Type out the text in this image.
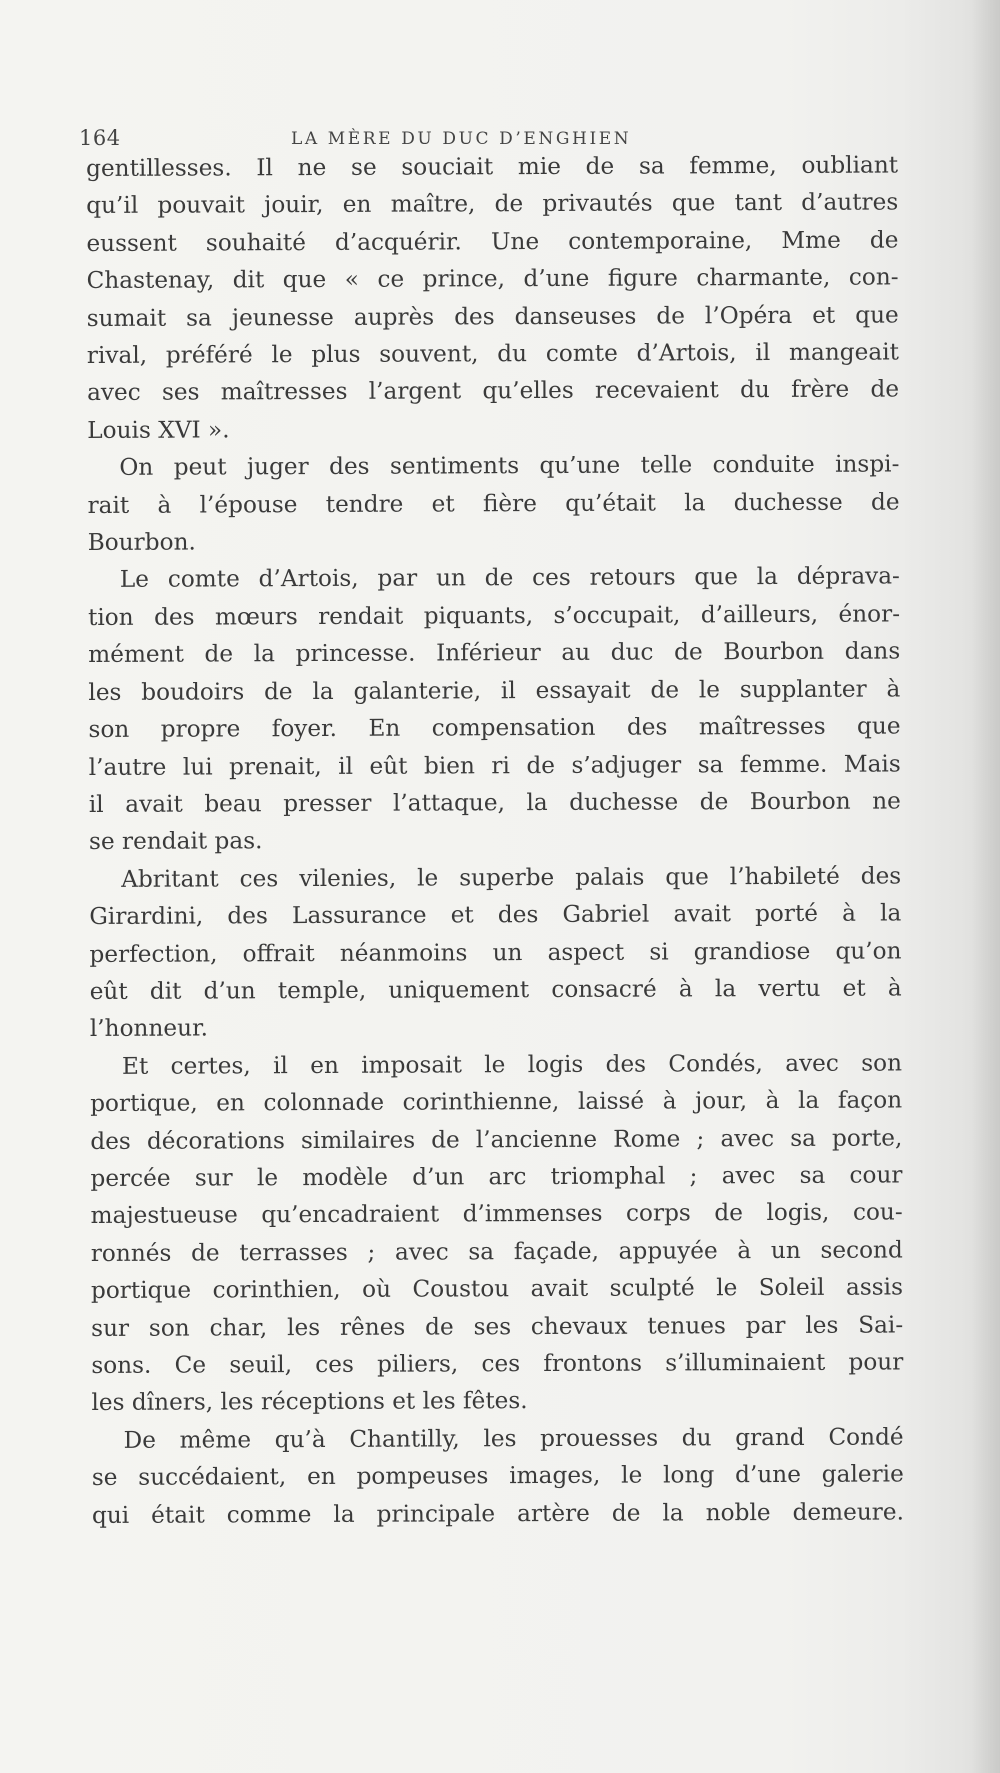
164	LA MÈRE DU DUC D’ENGHIEN
gentillesses. Il ne se souciait mie de sa femme, oubliant
qu’il pouvait jouir, en maître, de privautés que tant d’autres
eussent souhaité d’acquérir. Une contemporaine, Mme de
Chastenay, dit que « ce prince, d’une figure charmante, con-
sumait sa jeunesse auprès des danseuses de l’Opéra et que
rival, préféré le plus souvent, du comte d’Artois, il mangeait
avec ses maîtresses l’argent qu’elles recevaient du frère de
Louis XVI ».
On peut juger des sentiments qu’une telle conduite inspi-
rait à l’épouse tendre et fière qu’était la duchesse de
Bourbon.
Le comte d’Artois, par un de ces retours que la déprava-
tion des mœurs rendait piquants, s’occupait, d’ailleurs, énor-
mément de la princesse. Inférieur au duc de Bourbon dans
les boudoirs de la galanterie, il essayait de le supplanter à
son propre foyer. En compensation des maîtresses que
l’autre lui prenait, il eût bien ri de s’adjuger sa femme. Mais
il avait beau presser l’attaque, la duchesse de Bourbon ne
se rendait pas.
Abritant ces vilenies, le superbe palais que l’habileté des
Girardini, des Lassurance et des Gabriel avait porté à la
perfection, offrait néanmoins un aspect si grandiose qu’on
eût dit d’un temple, uniquement consacré à la vertu et à
l’honneur.
Et certes, il en imposait le logis des Condés, avec son
portique, en colonnade corinthienne, laissé à jour, à la façon
des décorations similaires de l’ancienne Rome ; avec sa porte,
percée sur le modèle d’un arc triomphal ; avec sa cour
majestueuse qu’encadraient d’immenses corps de logis, cou-
ronnés de terrasses ; avec sa façade, appuyée à un second
portique corinthien, où Coustou avait sculpté le Soleil assis
sur son char, les rênes de ses chevaux tenues par les Sai-
sons. Ce seuil, ces piliers, ces frontons s’illuminaient pour
les dîners, les réceptions et les fêtes.
De même qu’à Chantilly, les prouesses du grand Condé
se succédaient, en pompeuses images, le long d’une galerie
qui était comme la principale artère de la noble demeure.
